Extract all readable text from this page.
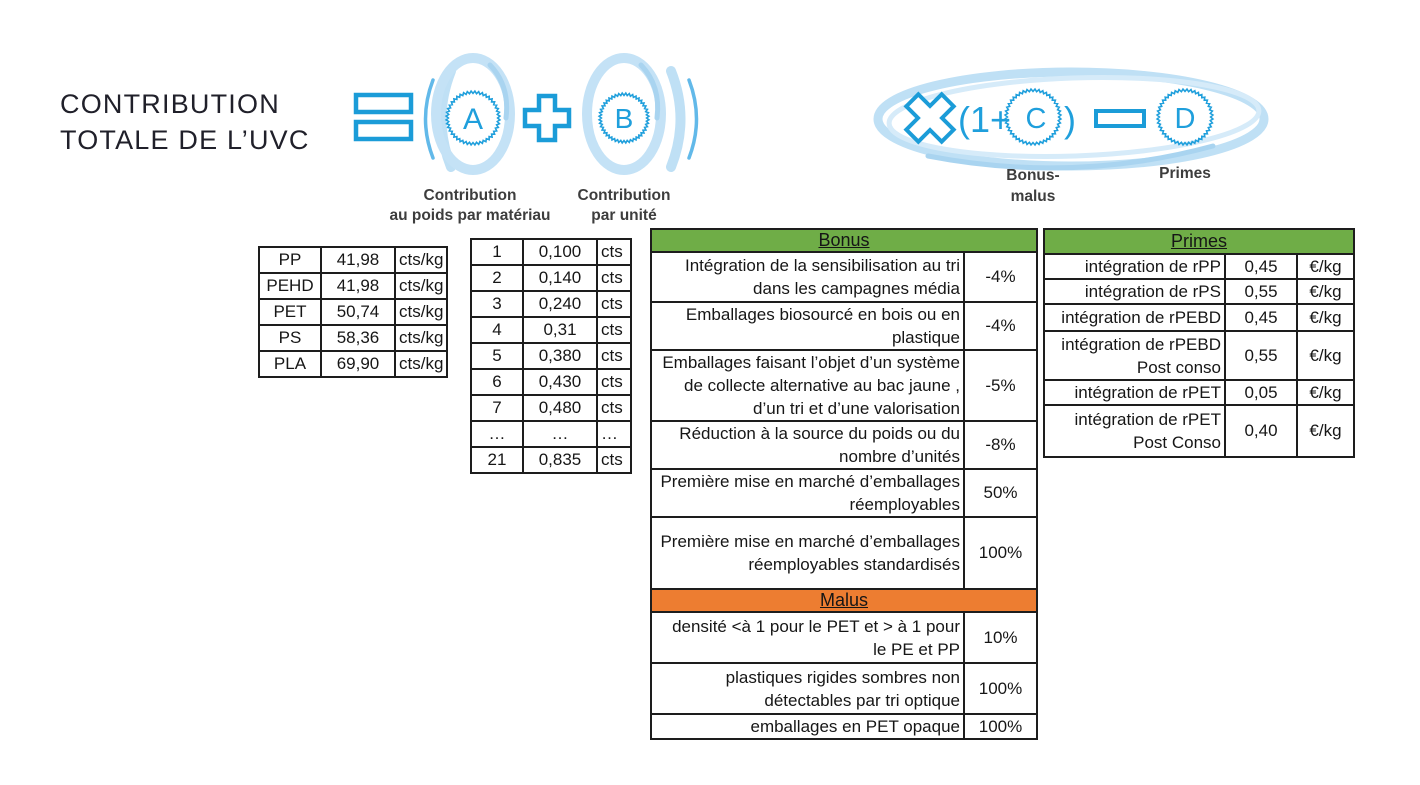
CONTRIBUTION
TOTALE DE L’UVC
A	B
Contribution
au poids par matériau
Contribution
par unité
(1+ C )	D
Bonus-
malus
Primes
PP	41,98	cts/kg
PEHD	41,98	cts/kg
PET	50,74	cts/kg
PS	58,36	cts/kg
PLA	69,90	cts/kg
1	0,100	cts
2	0,140	cts
3	0,240	cts
4	0,31	cts
5	0,380	cts
6	0,430	cts
7	0,480	cts
…	…	…
21	0,835	cts
Bonus	
Intégration de la sensibilisation au tri dans les campagnes média	-4%
Emballages biosourcé en bois ou en plastique	-4%
Emballages faisant l’objet d’un système de collecte alternative au bac jaune , d’un tri et d’une valorisation	-5%
Réduction à la source du poids ou du nombre d’unités	-8%
Première mise en marché d’emballages réemployables	50%
Première mise en marché d’emballages réemployables standardisés	100%
Malus	
densité <à 1 pour le PET et > à 1 pour le PE et PP	10%
plastiques rigides sombres non détectables par tri optique	100%
emballages en PET opaque	100%
Primes		
intégration de rPP	0,45	€/kg
intégration de rPS	0,55	€/kg
intégration de rPEBD	0,45	€/kg
intégration de rPEBD Post conso	0,55	€/kg
intégration de rPET	0,05	€/kg
intégration de rPET Post Conso	0,40	€/kg
